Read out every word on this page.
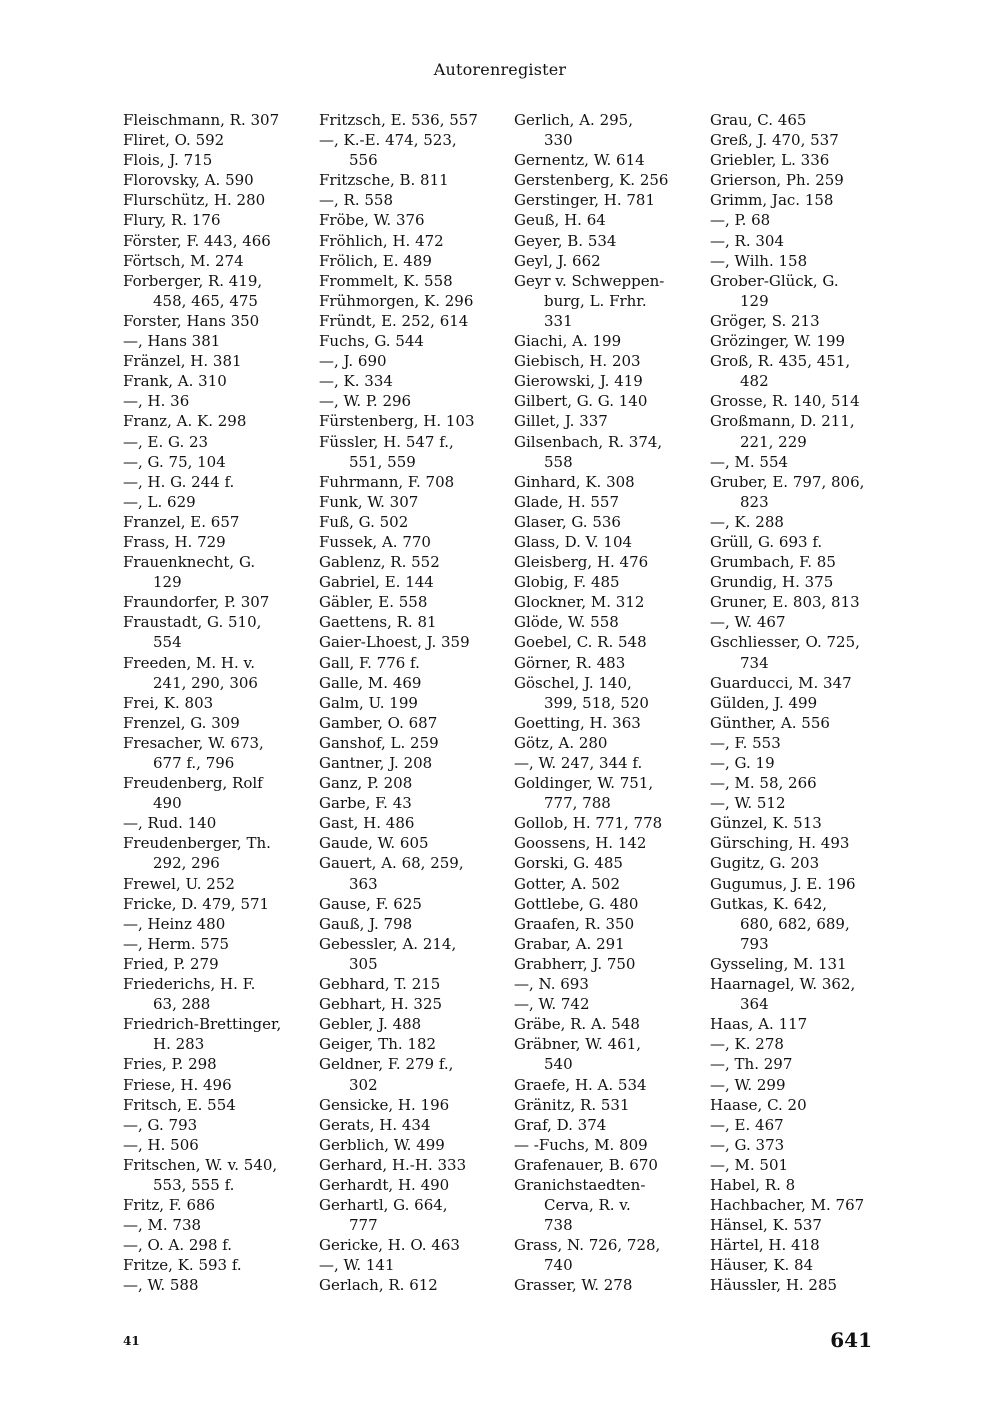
Autorenregister
Fleischmann, R. 307
Fliret, O. 592
Flois, J. 715
Florovsky, A. 590
Flurschütz, H. 280
Flury, R. 176
Förster, F. 443, 466
Förtsch, M. 274
Forberger, R. 419,
458, 465, 475
Forster, Hans 350
—, Hans 381
Fränzel, H. 381
Frank, A. 310
—, H. 36
Franz, A. K. 298
—, E. G. 23
—, G. 75, 104
—, H. G. 244 f.
—, L. 629
Franzel, E. 657
Frass, H. 729
Frauenknecht, G.
129
Fraundorfer, P. 307
Fraustadt, G. 510,
554
Freeden, M. H. v.
241, 290, 306
Frei, K. 803
Frenzel, G. 309
Fresacher, W. 673,
677 f., 796
Freudenberg, Rolf
490
—, Rud. 140
Freudenberger, Th.
292, 296
Frewel, U. 252
Fricke, D. 479, 571
—, Heinz 480
—, Herm. 575
Fried, P. 279
Friederichs, H. F.
63, 288
Friedrich-Brettinger,
H. 283
Fries, P. 298
Friese, H. 496
Fritsch, E. 554
—, G. 793
—, H. 506
Fritschen, W. v. 540,
553, 555 f.
Fritz, F. 686
—, M. 738
—, O. A. 298 f.
Fritze, K. 593 f.
—, W. 588
Fritzsch, E. 536, 557
—, K.-E. 474, 523,
556
Fritzsche, B. 811
—, R. 558
Fröbe, W. 376
Fröhlich, H. 472
Frölich, E. 489
Frommelt, K. 558
Frühmorgen, K. 296
Fründt, E. 252, 614
Fuchs, G. 544
—, J. 690
—, K. 334
—, W. P. 296
Fürstenberg, H. 103
Füssler, H. 547 f.,
551, 559
Fuhrmann, F. 708
Funk, W. 307
Fuß, G. 502
Fussek, A. 770
Gablenz, R. 552
Gabriel, E. 144
Gäbler, E. 558
Gaettens, R. 81
Gaier-Lhoest, J. 359
Gall, F. 776 f.
Galle, M. 469
Galm, U. 199
Gamber, O. 687
Ganshof, L. 259
Gantner, J. 208
Ganz, P. 208
Garbe, F. 43
Gast, H. 486
Gaude, W. 605
Gauert, A. 68, 259,
363
Gause, F. 625
Gauß, J. 798
Gebessler, A. 214,
305
Gebhard, T. 215
Gebhart, H. 325
Gebler, J. 488
Geiger, Th. 182
Geldner, F. 279 f.,
302
Gensicke, H. 196
Gerats, H. 434
Gerblich, W. 499
Gerhard, H.-H. 333
Gerhardt, H. 490
Gerhartl, G. 664,
777
Gericke, H. O. 463
—, W. 141
Gerlach, R. 612
Gerlich, A. 295,
330
Gernentz, W. 614
Gerstenberg, K. 256
Gerstinger, H. 781
Geuß, H. 64
Geyer, B. 534
Geyl, J. 662
Geyr v. Schweppen-
burg, L. Frhr.
331
Giachi, A. 199
Giebisch, H. 203
Gierowski, J. 419
Gilbert, G. G. 140
Gillet, J. 337
Gilsenbach, R. 374,
558
Ginhard, K. 308
Glade, H. 557
Glaser, G. 536
Glass, D. V. 104
Gleisberg, H. 476
Globig, F. 485
Glockner, M. 312
Glöde, W. 558
Goebel, C. R. 548
Görner, R. 483
Göschel, J. 140,
399, 518, 520
Goetting, H. 363
Götz, A. 280
—, W. 247, 344 f.
Goldinger, W. 751,
777, 788
Gollob, H. 771, 778
Goossens, H. 142
Gorski, G. 485
Gotter, A. 502
Gottlebe, G. 480
Graafen, R. 350
Grabar, A. 291
Grabherr, J. 750
—, N. 693
—, W. 742
Gräbe, R. A. 548
Gräbner, W. 461,
540
Graefe, H. A. 534
Gränitz, R. 531
Graf, D. 374
— -Fuchs, M. 809
Grafenauer, B. 670
Granichstaedten-
Cerva, R. v.
738
Grass, N. 726, 728,
740
Grasser, W. 278
Grau, C. 465
Greß, J. 470, 537
Griebler, L. 336
Grierson, Ph. 259
Grimm, Jac. 158
—, P. 68
—, R. 304
—, Wilh. 158
Grober-Glück, G.
129
Gröger, S. 213
Grözinger, W. 199
Groß, R. 435, 451,
482
Grosse, R. 140, 514
Großmann, D. 211,
221, 229
—, M. 554
Gruber, E. 797, 806,
823
—, K. 288
Grüll, G. 693 f.
Grumbach, F. 85
Grundig, H. 375
Gruner, E. 803, 813
—, W. 467
Gschliesser, O. 725,
734
Guarducci, M. 347
Gülden, J. 499
Günther, A. 556
—, F. 553
—, G. 19
—, M. 58, 266
—, W. 512
Günzel, K. 513
Gürsching, H. 493
Gugitz, G. 203
Gugumus, J. E. 196
Gutkas, K. 642,
680, 682, 689,
793
Gysseling, M. 131
Haarnagel, W. 362,
364
Haas, A. 117
—, K. 278
—, Th. 297
—, W. 299
Haase, C. 20
—, E. 467
—, G. 373
—, M. 501
Habel, R. 8
Hachbacher, M. 767
Hänsel, K. 537
Härtel, H. 418
Häuser, K. 84
Häussler, H. 285
41	641
